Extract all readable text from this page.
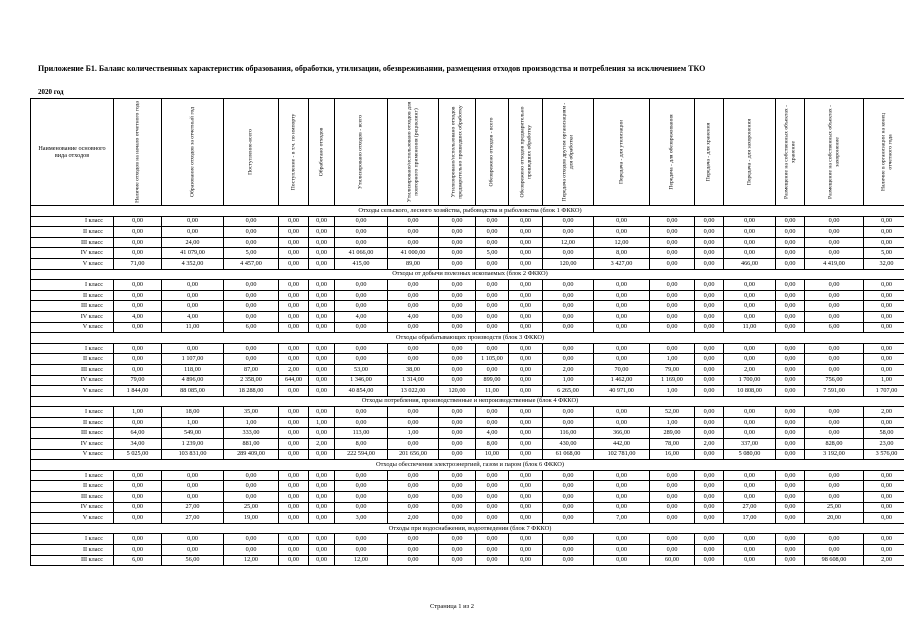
Приложение Б1. Баланс количественных характеристик образования, обработки, утилизации, обезвреживании, размещения отходов производства и потребления за исключением ТКО
2020 год
Наименование основного вида отходов	Наличие отходов на начало отчетного года	Образование отходов за отчетный год	Поступление-всего	Поступление - в т.ч. по импорту	Обработано отходов	Утилизировано отходов - всего	Утилизировано/использовано отходов для повторного применения (рециклинг)	Утилизировано/использовано отходов предварительно прошедших обработку	Обезврежено отходов - всего	Обезврежено отходов предварительно прошедших обработку	Передача отходов другим организациям - для обработки	Передача - для утилизации	Передача - для обезвреживания	Передача - для хранения	Передача - для захоронения	Размещение на собственных объектах - хранение	Размещение на собственных объектах - захоронение	Наличие в организации на конец отчетного года

Отходы сельского, лесного хозяйства, рыбоводства и рыболовства (блок 1 ФККО)																		
I класс	0,00	0,00	0,00	0,00	0,00	0,00	0,00	0,00	0,00	0,00	0,00	0,00	0,00	0,00	0,00	0,00	0,00	0,00
II класс	0,00	0,00	0,00	0,00	0,00	0,00	0,00	0,00	0,00	0,00	0,00	0,00	0,00	0,00	0,00	0,00	0,00	0,00
III класс	0,00	24,00	0,00	0,00	0,00	0,00	0,00	0,00	0,00	0,00	12,00	12,00	0,00	0,00	0,00	0,00	0,00	0,00
IV класс	0,00	41 079,00	5,00	0,00	0,00	41 066,00	41 000,00	0,00	5,00	0,00	0,00	8,00	0,00	0,00	0,00	0,00	0,00	5,00
V класс	71,00	4 352,00	4 457,00	0,00	0,00	415,00	89,00	0,00	0,00	0,00	120,00	3 427,00	0,00	0,00	466,00	0,00	4 419,00	32,00
Отходы от добычи полезных ископаемых (блок 2 ФККО)																		
I класс	0,00	0,00	0,00	0,00	0,00	0,00	0,00	0,00	0,00	0,00	0,00	0,00	0,00	0,00	0,00	0,00	0,00	0,00
II класс	0,00	0,00	0,00	0,00	0,00	0,00	0,00	0,00	0,00	0,00	0,00	0,00	0,00	0,00	0,00	0,00	0,00	0,00
III класс	0,00	0,00	0,00	0,00	0,00	0,00	0,00	0,00	0,00	0,00	0,00	0,00	0,00	0,00	0,00	0,00	0,00	0,00
IV класс	4,00	4,00	0,00	0,00	0,00	4,00	4,00	0,00	0,00	0,00	0,00	0,00	0,00	0,00	0,00	0,00	0,00	0,00
V класс	0,00	11,00	6,00	0,00	0,00	0,00	0,00	0,00	0,00	0,00	0,00	0,00	0,00	0,00	11,00	0,00	6,00	0,00
Отходы обрабатывающих производств (блок 3 ФККО)																		
I класс	0,00	0,00	0,00	0,00	0,00	0,00	0,00	0,00	0,00	0,00	0,00	0,00	0,00	0,00	0,00	0,00	0,00	0,00
II класс	0,00	1 107,00	0,00	0,00	0,00	0,00	0,00	0,00	1 105,00	0,00	0,00	0,00	1,00	0,00	0,00	0,00	0,00	0,00
III класс	0,00	118,00	87,00	2,00	0,00	53,00	38,00	0,00	0,00	0,00	2,00	70,00	79,00	0,00	2,00	0,00	0,00	0,00
IV класс	79,00	4 896,00	2 358,00	644,00	0,00	1 346,00	1 314,00	0,00	899,00	0,00	1,00	1 462,00	1 169,00	0,00	1 700,00	0,00	756,00	1,00
V класс	1 844,00	88 085,00	18 288,00	0,00	0,00	40 854,00	13 022,00	120,00	11,00	0,00	6 265,00	40 971,00	1,00	0,00	10 808,00	0,00	7 591,00	1 707,00
Отходы потребления, производственные и непроизводственные (блок 4 ФККО)																		
I класс	1,00	18,00	35,00	0,00	0,00	0,00	0,00	0,00	0,00	0,00	0,00	0,00	52,00	0,00	0,00	0,00	0,00	2,00
II класс	0,00	1,00	1,00	0,00	1,00	0,00	0,00	0,00	0,00	0,00	0,00	0,00	1,00	0,00	0,00	0,00	0,00	0,00
III класс	64,00	549,00	333,00	0,00	0,00	113,00	1,00	0,00	4,00	0,00	116,00	366,00	289,00	0,00	0,00	0,00	0,00	58,00
IV класс	34,00	1 239,00	881,00	0,00	2,00	8,00	0,00	0,00	8,00	0,00	430,00	442,00	78,00	2,00	337,00	0,00	828,00	23,00
V класс	5 025,00	103 831,00	289 409,00	0,00	0,00	222 594,00	201 656,00	0,00	10,00	0,00	61 068,00	102 781,00	16,00	0,00	5 080,00	0,00	3 192,00	3 576,00
Отходы обеспечения электроэнергией, газом и паром (блок 6 ФККО)																		
I класс	0,00	0,00	0,00	0,00	0,00	0,00	0,00	0,00	0,00	0,00	0,00	0,00	0,00	0,00	0,00	0,00	0,00	0,00
II класс	0,00	0,00	0,00	0,00	0,00	0,00	0,00	0,00	0,00	0,00	0,00	0,00	0,00	0,00	0,00	0,00	0,00	0,00
III класс	0,00	0,00	0,00	0,00	0,00	0,00	0,00	0,00	0,00	0,00	0,00	0,00	0,00	0,00	0,00	0,00	0,00	0,00
IV класс	0,00	27,00	25,00	0,00	0,00	0,00	0,00	0,00	0,00	0,00	0,00	0,00	0,00	0,00	27,00	0,00	25,00	0,00
V класс	0,00	27,00	19,00	0,00	0,00	3,00	2,00	0,00	0,00	0,00	0,00	7,00	0,00	0,00	17,00	0,00	20,00	0,00
Отходы при водоснабжении, водоотведении (блок 7 ФККО)																		
I класс	0,00	0,00	0,00	0,00	0,00	0,00	0,00	0,00	0,00	0,00	0,00	0,00	0,00	0,00	0,00	0,00	0,00	0,00
II класс	0,00	0,00	0,00	0,00	0,00	0,00	0,00	0,00	0,00	0,00	0,00	0,00	0,00	0,00	0,00	0,00	0,00	0,00
III класс	6,00	56,00	12,00	0,00	0,00	12,00	0,00	0,00	0,00	0,00	0,00	0,00	60,00	0,00	0,00	0,00	98 608,00	2,00
Страница 1 из 2
